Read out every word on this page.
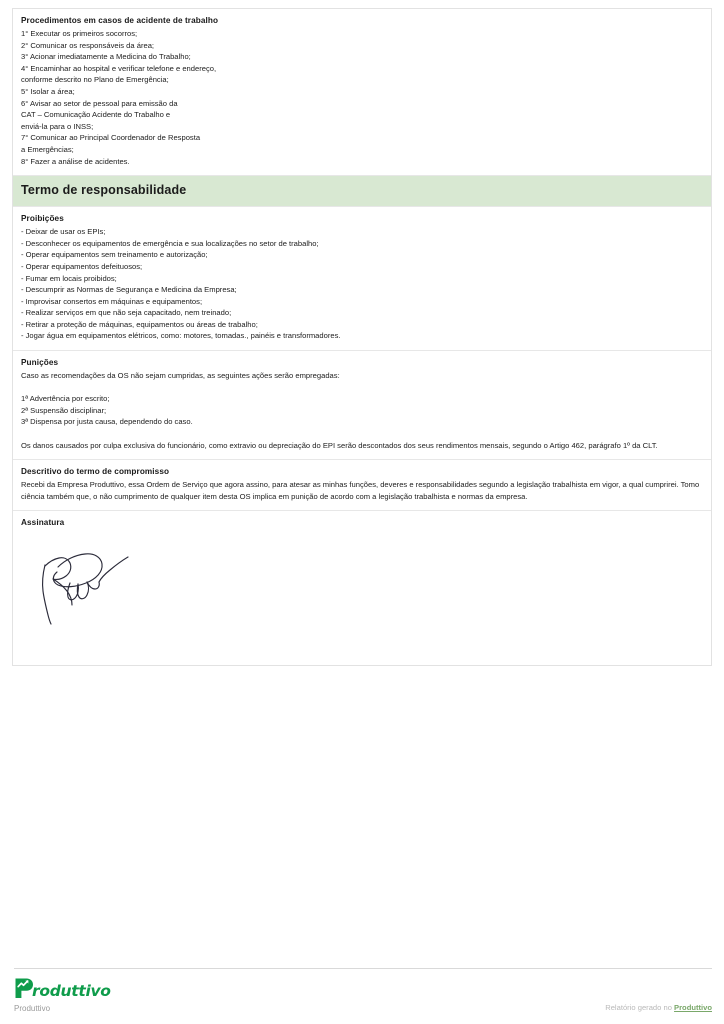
Procedimentos em casos de acidente de trabalho
1° Executar os primeiros socorros;
2° Comunicar os responsáveis da área;
3° Acionar imediatamente a Medicina do Trabalho;
4° Encaminhar ao hospital e verificar telefone e endereço,
conforme descrito no Plano de Emergência;
5° Isolar a área;
6° Avisar ao setor de pessoal para emissão da
CAT – Comunicação Acidente do Trabalho e
enviá-la para o INSS;
7° Comunicar ao Principal Coordenador de Resposta
a Emergências;
8° Fazer a análise de acidentes.
Termo de responsabilidade
Proibições
- Deixar de usar os EPIs;
- Desconhecer os equipamentos de emergência e sua localizações no setor de trabalho;
- Operar equipamentos sem treinamento e autorização;
- Operar equipamentos defeituosos;
- Fumar em locais proibidos;
- Descumprir as Normas de Segurança e Medicina da Empresa;
- Improvisar consertos em máquinas e equipamentos;
- Realizar serviços em que não seja capacitado, nem treinado;
- Retirar a proteção de máquinas, equipamentos ou áreas de trabalho;
- Jogar água em equipamentos elétricos, como: motores, tomadas., painéis e transformadores.
Punições
Caso as recomendações da OS não sejam cumpridas, as seguintes ações serão empregadas:
1ª Advertência por escrito;
2ª Suspensão disciplinar;
3ª Dispensa por justa causa, dependendo do caso.

Os danos causados por culpa exclusiva do funcionário, como extravio ou depreciação do EPI serão descontados dos seus rendimentos mensais, segundo o Artigo 462, parágrafo 1º da CLT.

Descritivo do termo de compromisso

Recebi da Empresa Produttivo, essa Ordem de Serviço que agora assino, para atesar as minhas funções, deveres e responsabilidades segundo a legislação trabalhista em vigor, a qual cumprirei. Tomo ciência também que, o não cumprimento de qualquer item desta OS implica em punição de acordo com a legislação trabalhista e normas da empresa.

Assinatura
roduttivo
Produttivo	Relatório gerado no Produttivo
